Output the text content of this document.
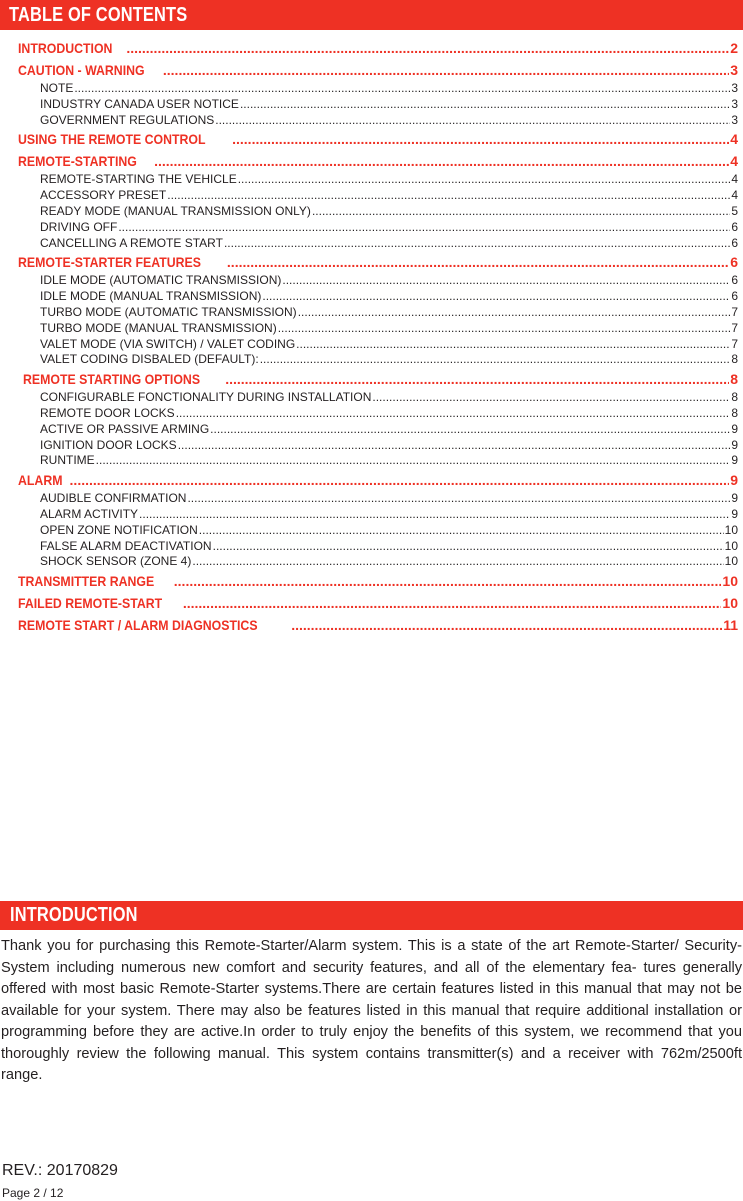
TABLE OF CONTENTS
INTRODUCTION .....	2
CAUTION - WARNING .....	3
NOTE .....	3
INDUSTRY CANADA USER NOTICE .....	3
GOVERNMENT REGULATIONS .....	3
USING THE REMOTE CONTROL .....	4
REMOTE-STARTING .....	4
REMOTE-STARTING THE VEHICLE .....	4
ACCESSORY PRESET .....	4
READY MODE (MANUAL TRANSMISSION ONLY) .....	5
DRIVING OFF .....	6
CANCELLING A REMOTE START .....	6
REMOTE-STARTER FEATURES .....	6
IDLE MODE (AUTOMATIC TRANSMISSION) .....	6
IDLE MODE (MANUAL TRANSMISSION) .....	6
TURBO MODE (AUTOMATIC TRANSMISSION) .....	7
TURBO MODE (MANUAL TRANSMISSION) .....	7
VALET MODE (VIA SWITCH) / VALET CODING .....	7
VALET CODING DISBALED (DEFAULT): .....	8
REMOTE STARTING OPTIONS .....	8
CONFIGURABLE FONCTIONALITY DURING INSTALLATION .....	8
REMOTE DOOR LOCKS .....	8
ACTIVE OR PASSIVE ARMING .....	9
IGNITION DOOR LOCKS .....	9
RUNTIME .....	9
ALARM .....	9
AUDIBLE CONFIRMATION .....	9
ALARM ACTIVITY .....	9
OPEN ZONE NOTIFICATION .....	10
FALSE ALARM DEACTIVATION .....	10
SHOCK SENSOR (ZONE 4) .....	10
TRANSMITTER RANGE .....	10
FAILED REMOTE-START .....	10
REMOTE START / ALARM DIAGNOSTICS .....	11
INTRODUCTION
Thank you for purchasing this Remote-Starter/Alarm system. This is a state of the art Remote-Starter/ Security-System including numerous new comfort and security features, and all of the elementary fea- tures generally offered with most basic Remote-Starter systems.There are certain features listed in this manual that may not be available for your system. There may also be features listed in this manual that require additional installation or programming before they are active.In order to truly enjoy the benefits of this system, we recommend that you thoroughly review the following manual. This system contains transmitter(s) and a receiver with 762m/2500ft range.
REV.: 20170829
Page 2 / 12
